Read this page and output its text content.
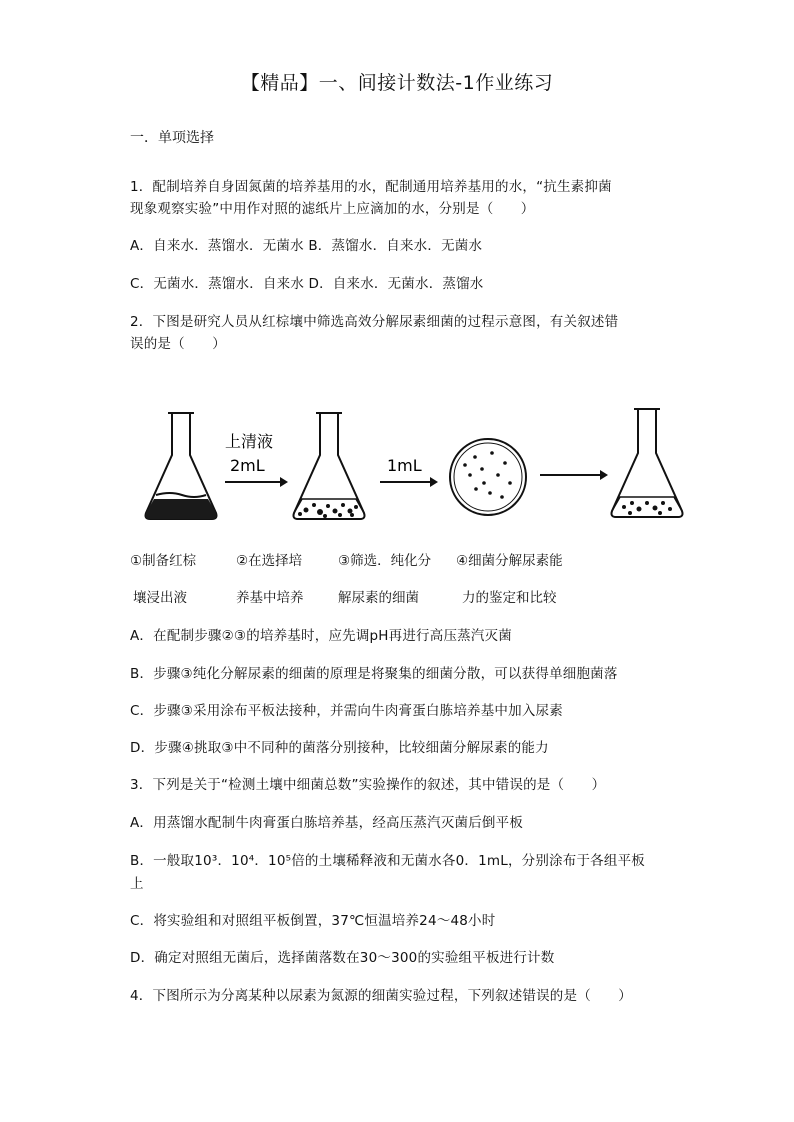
【精品】一、间接计数法-1作业练习
一．单项选择
1．配制培养自身固氮菌的培养基用的水，配制通用培养基用的水，“抗生素抑菌
现象观察实验”中用作对照的滤纸片上应滴加的水，分别是（　　）
A．自来水．蒸馏水．无菌水 B．蒸馏水．自来水．无菌水
C．无菌水．蒸馏水．自来水 D．自来水．无菌水．蒸馏水
2．下图是研究人员从红棕壤中筛选高效分解尿素细菌的过程示意图，有关叙述错
误的是（　　）
上清液
2mL	1mL
①制备红棕	②在选择培	③筛选．纯化分 ④细菌分解尿素能
壤浸出液	养基中培养	解尿素的细菌	力的鉴定和比较
A．在配制步骤②③的培养基时，应先调pH再进行高压蒸汽灭菌
B．步骤③纯化分解尿素的细菌的原理是将聚集的细菌分散，可以获得单细胞菌落
C．步骤③采用涂布平板法接种，并需向牛肉膏蛋白胨培养基中加入尿素
D．步骤④挑取③中不同种的菌落分别接种，比较细菌分解尿素的能力
3．下列是关于“检测土壤中细菌总数”实验操作的叙述，其中错误的是（　　）
A．用蒸馏水配制牛肉膏蛋白胨培养基，经高压蒸汽灭菌后倒平板
B．一般取10³．10⁴．10⁵倍的土壤稀释液和无菌水各0．1mL，分别涂布于各组平板
上
C．将实验组和对照组平板倒置，37℃恒温培养24～48小时
D．确定对照组无菌后，选择菌落数在30～300的实验组平板进行计数
4．下图所示为分离某种以尿素为氮源的细菌实验过程，下列叙述错误的是（　　）
